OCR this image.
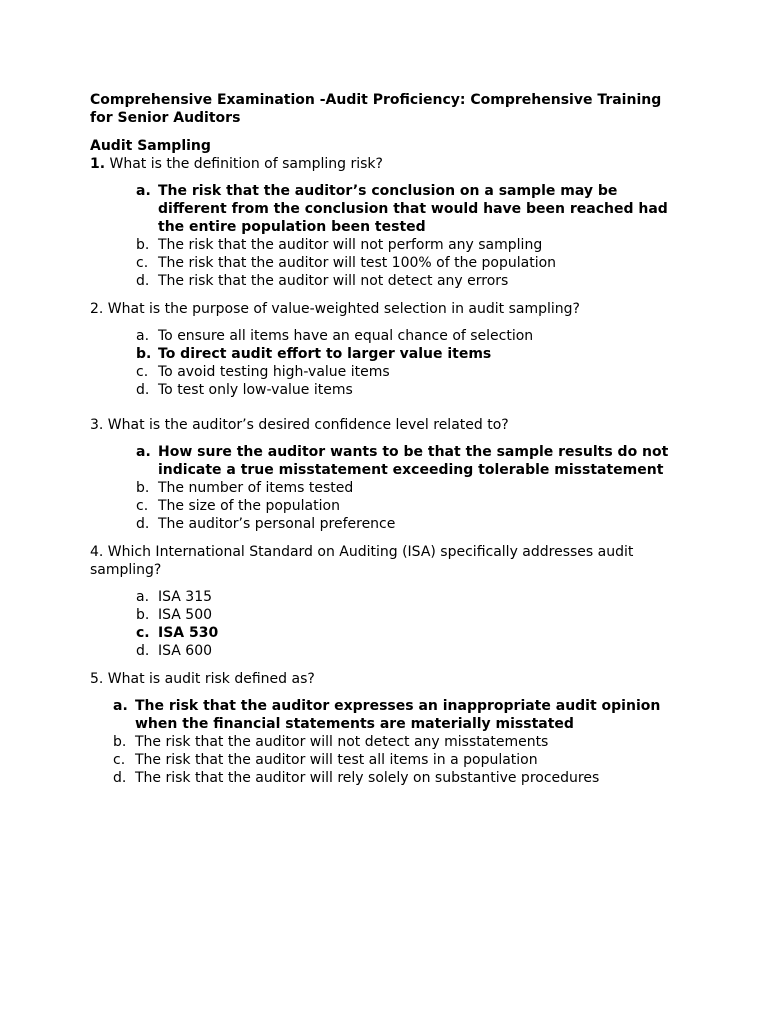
Comprehensive Examination -Audit Proficiency: Comprehensive Training for Senior Auditors

Audit Sampling

1. What is the definition of sampling risk?

a. The risk that the auditor’s conclusion on a sample may be different from the conclusion that would have been reached had the entire population been tested
b. The risk that the auditor will not perform any sampling
c. The risk that the auditor will test 100% of the population
d. The risk that the auditor will not detect any errors

2. What is the purpose of value-weighted selection in audit sampling?

a. To ensure all items have an equal chance of selection
b. To direct audit effort to larger value items
c. To avoid testing high-value items
d. To test only low-value items

3. What is the auditor’s desired confidence level related to?

a. How sure the auditor wants to be that the sample results do not indicate a true misstatement exceeding tolerable misstatement
b. The number of items tested
c. The size of the population
d. The auditor’s personal preference

4. Which International Standard on Auditing (ISA) specifically addresses audit sampling?

a. ISA 315
b. ISA 500
c. ISA 530
d. ISA 600

5. What is audit risk defined as?

a. The risk that the auditor expresses an inappropriate audit opinion when the financial statements are materially misstated
b. The risk that the auditor will not detect any misstatements
c. The risk that the auditor will test all items in a population
d. The risk that the auditor will rely solely on substantive procedures
